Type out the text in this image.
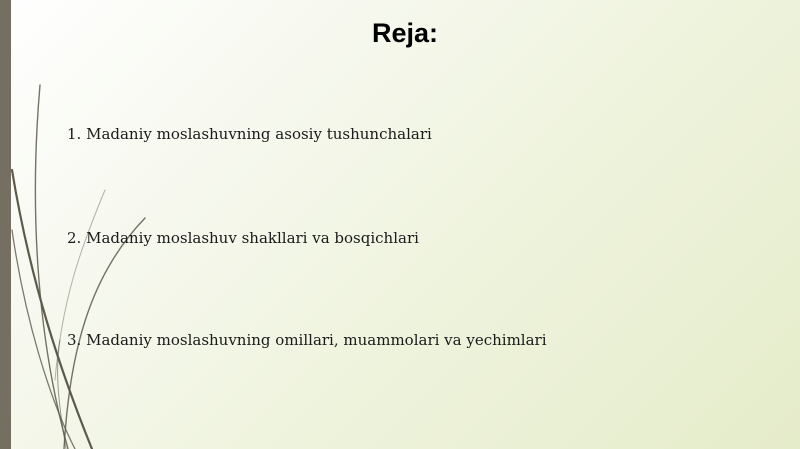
Reja:
1. Madaniy moslashuvning asosiy tushunchalari
2. Madaniy moslashuv shakllari va bosqichlari
3. Madaniy moslashuvning omillari, muammolari va yechimlari
